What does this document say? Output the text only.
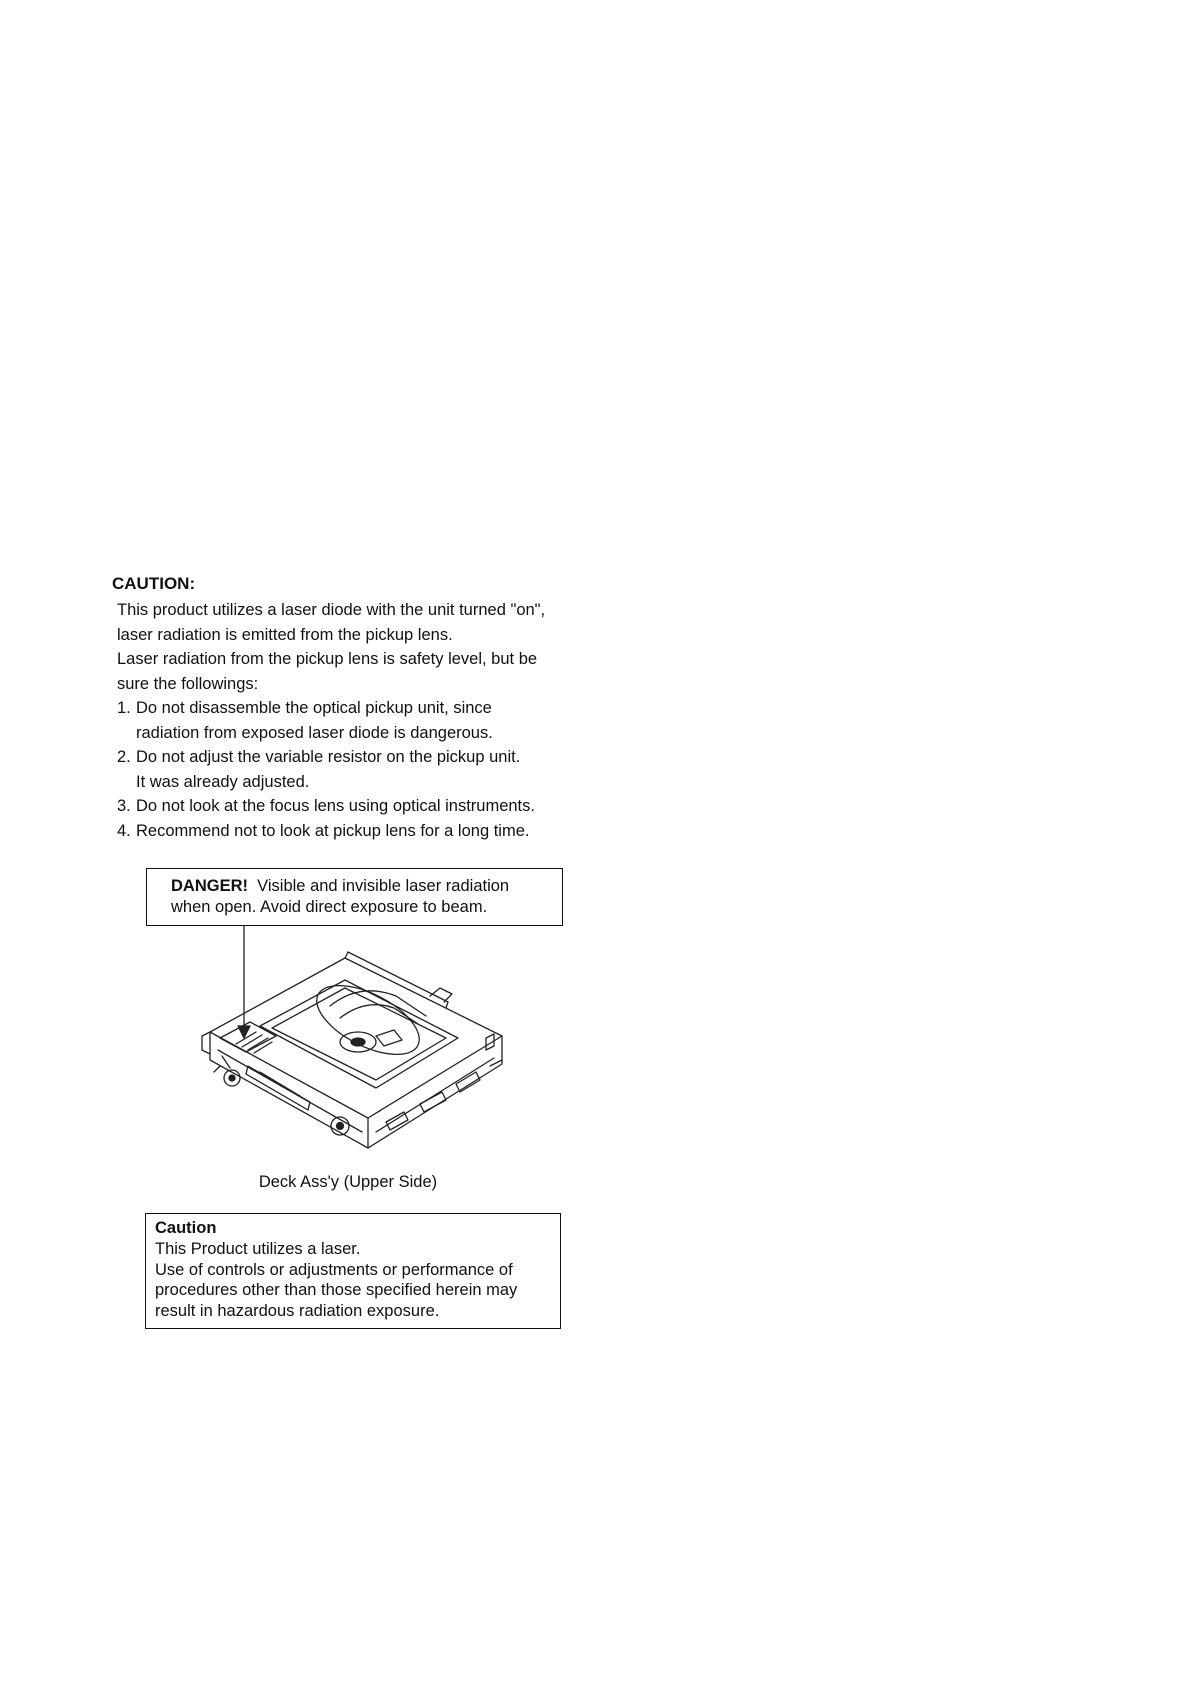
CAUTION:
This product utilizes a laser diode with the unit turned "on",
laser radiation is emitted from the pickup lens.
Laser radiation from the pickup lens is safety level, but be
sure the followings:
1. Do not disassemble the optical pickup unit, since
radiation from exposed laser diode is dangerous.
2. Do not adjust the variable resistor on the pickup unit.
It was already adjusted.
3. Do not look at the focus lens using optical instruments.
4. Recommend not to look at pickup lens for a long time.
DANGER! Visible and invisible laser radiation
when open. Avoid direct exposure to beam.
Deck Ass'y (Upper Side)
Caution
This Product utilizes a laser.
Use of controls or adjustments or performance of
procedures other than those specified herein may
result in hazardous radiation exposure.
